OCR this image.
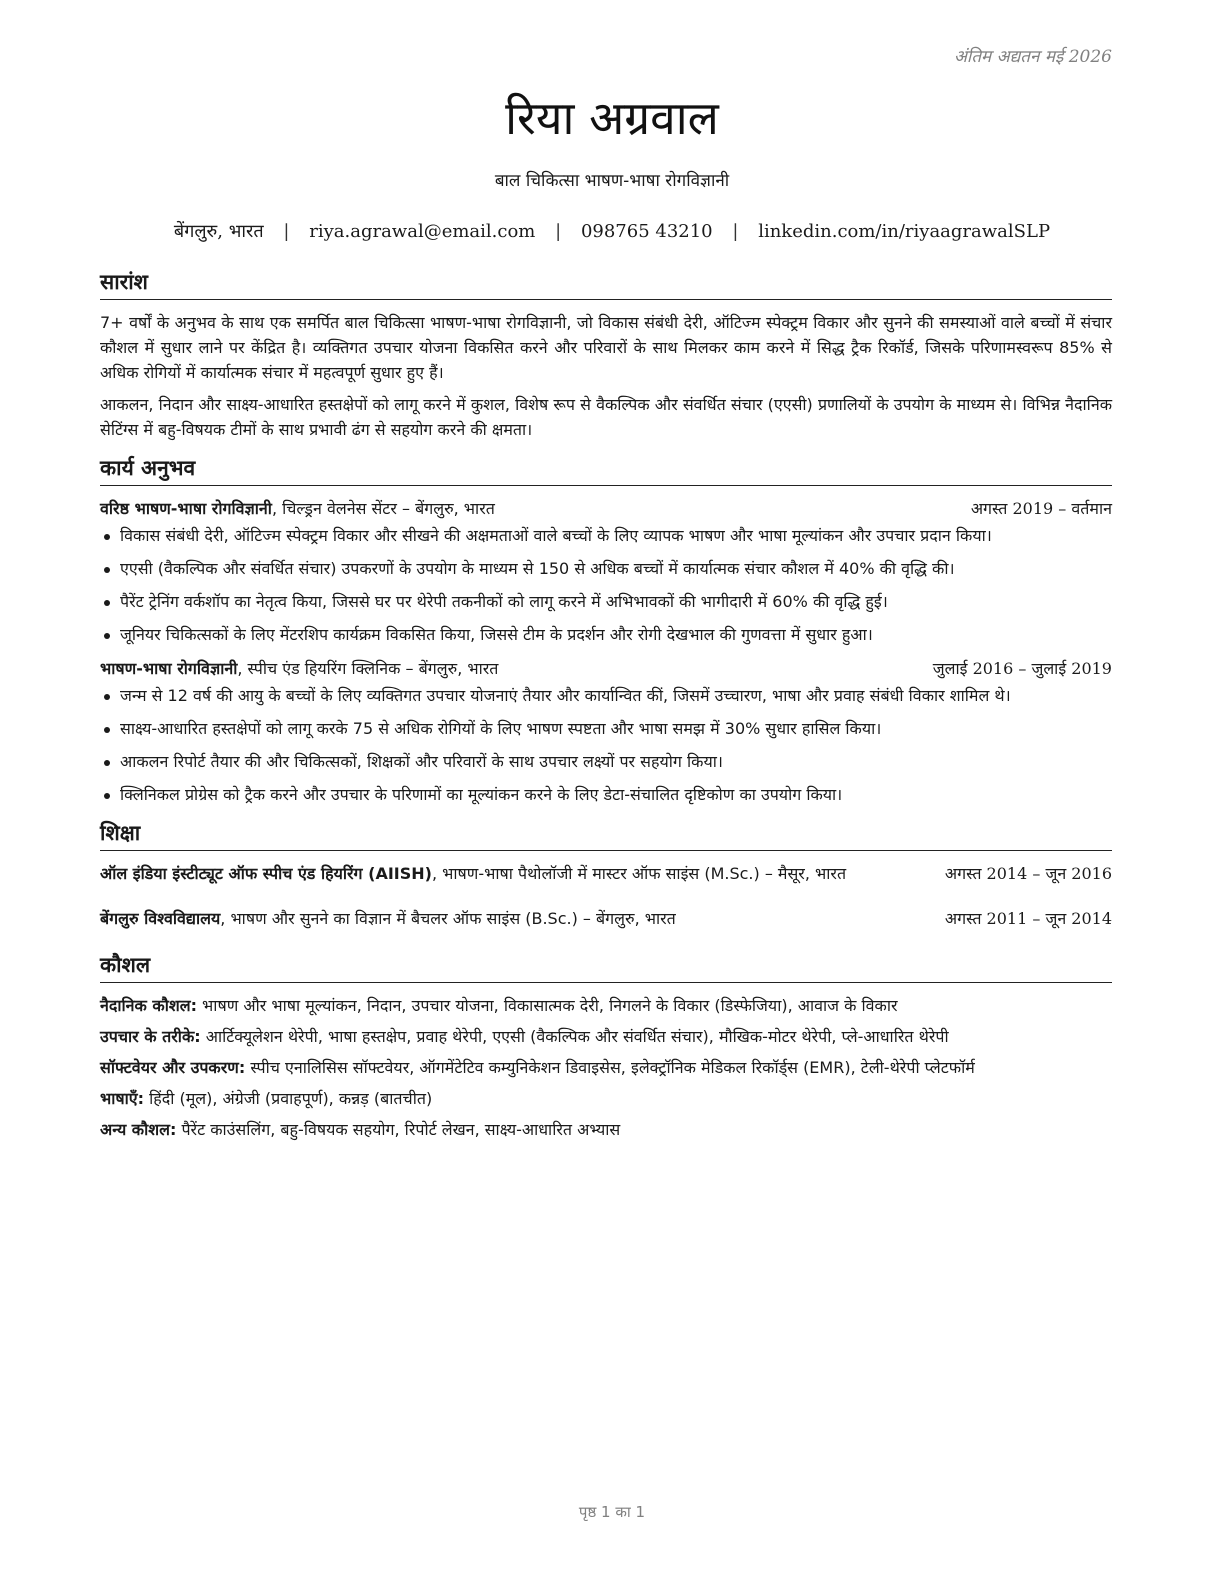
अंतिम अद्यतन मई 2026
रिया अग्रवाल
बाल चिकित्सा भाषण-भाषा रोगविज्ञानी
बेंगलुरु, भारत | riya.agrawal@email.com | 098765 43210 | linkedin.com/in/riyaagrawalSLP
सारांश

7+ वर्षों के अनुभव के साथ एक समर्पित बाल चिकित्सा भाषण-भाषा रोगविज्ञानी, जो विकास संबंधी देरी, ऑटिज्म स्पेक्ट्रम विकार और सुनने की समस्याओं वाले बच्चों में संचार कौशल में सुधार लाने पर केंद्रित है। व्यक्तिगत उपचार योजना विकसित करने और परिवारों के साथ मिलकर काम करने में सिद्ध ट्रैक रिकॉर्ड, जिसके परिणामस्वरूप 85% से अधिक रोगियों में कार्यात्मक संचार में महत्वपूर्ण सुधार हुए हैं।

आकलन, निदान और साक्ष्य-आधारित हस्तक्षेपों को लागू करने में कुशल, विशेष रूप से वैकल्पिक और संवर्धित संचार (एएसी) प्रणालियों के उपयोग के माध्यम से। विभिन्न नैदानिक सेटिंग्स में बहु-विषयक टीमों के साथ प्रभावी ढंग से सहयोग करने की क्षमता।

कार्य अनुभव
वरिष्ठ भाषण-भाषा रोगविज्ञानी, चिल्ड्रन वेलनेस सेंटर – बेंगलुरु, भारत	अगस्त 2019 – वर्तमान
विकास संबंधी देरी, ऑटिज्म स्पेक्ट्रम विकार और सीखने की अक्षमताओं वाले बच्चों के लिए व्यापक भाषण और भाषा मूल्यांकन और उपचार प्रदान किया।
एएसी (वैकल्पिक और संवर्धित संचार) उपकरणों के उपयोग के माध्यम से 150 से अधिक बच्चों में कार्यात्मक संचार कौशल में 40% की वृद्धि की।
पैरेंट ट्रेनिंग वर्कशॉप का नेतृत्व किया, जिससे घर पर थेरेपी तकनीकों को लागू करने में अभिभावकों की भागीदारी में 60% की वृद्धि हुई।
जूनियर चिकित्सकों के लिए मेंटरशिप कार्यक्रम विकसित किया, जिससे टीम के प्रदर्शन और रोगी देखभाल की गुणवत्ता में सुधार हुआ।
भाषण-भाषा रोगविज्ञानी, स्पीच एंड हियरिंग क्लिनिक – बेंगलुरु, भारत	जुलाई 2016 – जुलाई 2019
जन्म से 12 वर्ष की आयु के बच्चों के लिए व्यक्तिगत उपचार योजनाएं तैयार और कार्यान्वित कीं, जिसमें उच्चारण, भाषा और प्रवाह संबंधी विकार शामिल थे।
साक्ष्य-आधारित हस्तक्षेपों को लागू करके 75 से अधिक रोगियों के लिए भाषण स्पष्टता और भाषा समझ में 30% सुधार हासिल किया।
आकलन रिपोर्ट तैयार की और चिकित्सकों, शिक्षकों और परिवारों के साथ उपचार लक्ष्यों पर सहयोग किया।
क्लिनिकल प्रोग्रेस को ट्रैक करने और उपचार के परिणामों का मूल्यांकन करने के लिए डेटा-संचालित दृष्टिकोण का उपयोग किया।
शिक्षा
ऑल इंडिया इंस्टीट्यूट ऑफ स्पीच एंड हियरिंग (AIISH), भाषण-भाषा पैथोलॉजी में मास्टर ऑफ साइंस (M.Sc.) – मैसूर, भारत	अगस्त 2014 – जून 2016
बेंगलुरु विश्वविद्यालय, भाषण और सुनने का विज्ञान में बैचलर ऑफ साइंस (B.Sc.) – बेंगलुरु, भारत	अगस्त 2011 – जून 2014
कौशल
नैदानिक कौशल: भाषण और भाषा मूल्यांकन, निदान, उपचार योजना, विकासात्मक देरी, निगलने के विकार (डिस्फेजिया), आवाज के विकार
उपचार के तरीके: आर्टिक्यूलेशन थेरेपी, भाषा हस्तक्षेप, प्रवाह थेरेपी, एएसी (वैकल्पिक और संवर्धित संचार), मौखिक-मोटर थेरेपी, प्ले-आधारित थेरेपी
सॉफ्टवेयर और उपकरण: स्पीच एनालिसिस सॉफ्टवेयर, ऑगमेंटेटिव कम्युनिकेशन डिवाइसेस, इलेक्ट्रॉनिक मेडिकल रिकॉर्ड्स (EMR), टेली-थेरेपी प्लेटफॉर्म
भाषाएँ: हिंदी (मूल), अंग्रेजी (प्रवाहपूर्ण), कन्नड़ (बातचीत)
अन्य कौशल: पैरेंट काउंसलिंग, बहु-विषयक सहयोग, रिपोर्ट लेखन, साक्ष्य-आधारित अभ्यास
पृष्ठ 1 का 1
